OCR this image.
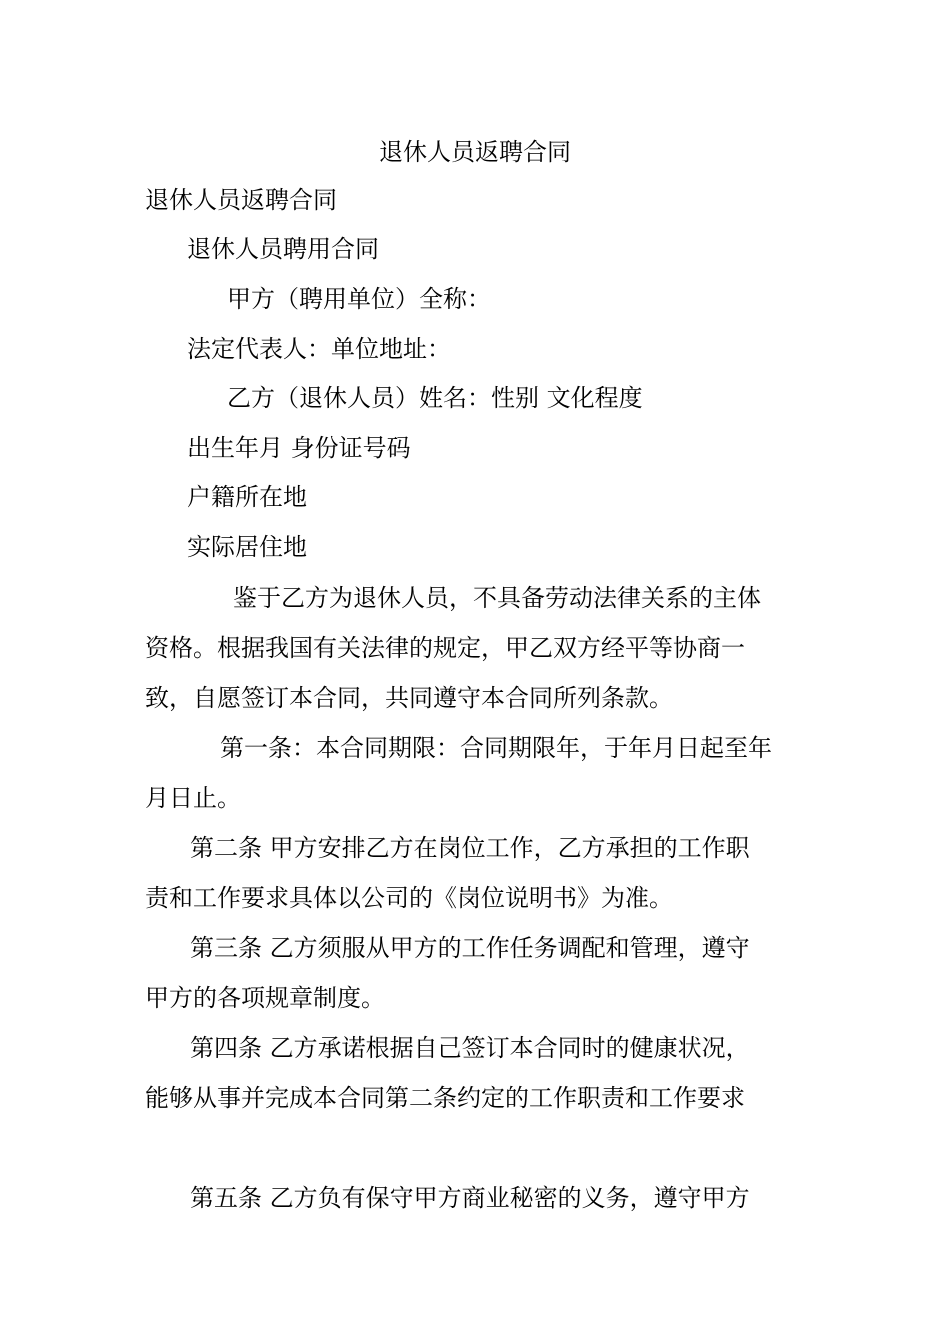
退休人员返聘合同

退休人员返聘合同

退休人员聘用合同

甲方（聘用单位）全称：

法定代表人：单位地址：

乙方（退休人员）姓名：性别 文化程度

出生年月 身份证号码

户籍所在地

实际居住地

鉴于乙方为退休人员，不具备劳动法律关系的主体

资格。根据我国有关法律的规定，甲乙双方经平等协商一

致，自愿签订本合同，共同遵守本合同所列条款。

第一条：本合同期限：合同期限年，于年月日起至年

月日止。

第二条 甲方安排乙方在岗位工作，乙方承担的工作职

责和工作要求具体以公司的《岗位说明书》为准。

第三条 乙方须服从甲方的工作任务调配和管理，遵守

甲方的各项规章制度。

第四条 乙方承诺根据自己签订本合同时的健康状况，

能够从事并完成本合同第二条约定的工作职责和工作要求

第五条 乙方负有保守甲方商业秘密的义务，遵守甲方
